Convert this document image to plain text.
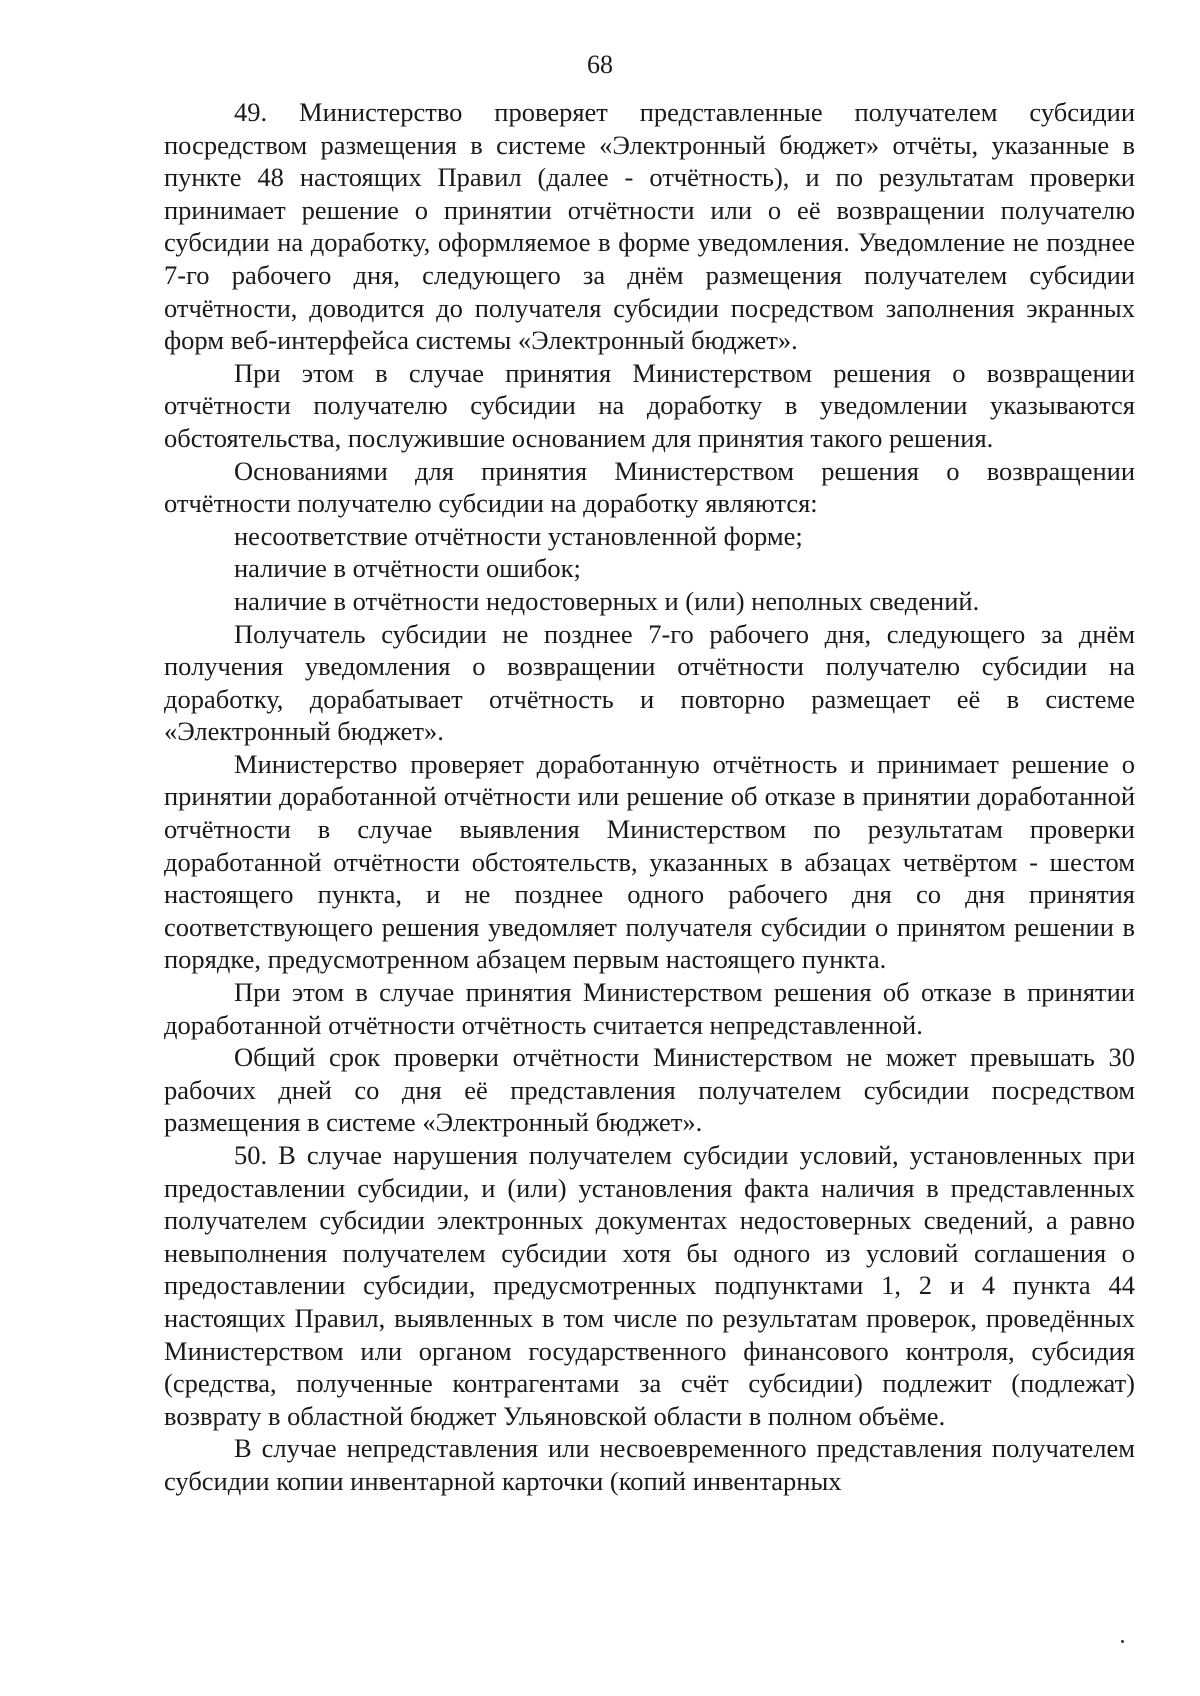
68

49. Министерство проверяет представленные получателем субсидии посредством размещения в системе «Электронный бюджет» отчёты, указанные в пункте 48 настоящих Правил (далее - отчётность), и по результатам проверки принимает решение о принятии отчётности или о её возвращении получателю субсидии на доработку, оформляемое в форме уведомления. Уведомление не позднее 7-го рабочего дня, следующего за днём размещения получателем субсидии отчётности, доводится до получателя субсидии посредством заполнения экранных форм веб-интерфейса системы «Электронный бюджет».

При этом в случае принятия Министерством решения о возвращении отчётности получателю субсидии на доработку в уведомлении указываются обстоятельства, послужившие основанием для принятия такого решения.

Основаниями для принятия Министерством решения о возвращении отчётности получателю субсидии на доработку являются:

несоответствие отчётности установленной форме;

наличие в отчётности ошибок;

наличие в отчётности недостоверных и (или) неполных сведений.

Получатель субсидии не позднее 7-го рабочего дня, следующего за днём получения уведомления о возвращении отчётности получателю субсидии на доработку, дорабатывает отчётность и повторно размещает её в системе «Электронный бюджет».

Министерство проверяет доработанную отчётность и принимает решение о принятии доработанной отчётности или решение об отказе в принятии доработанной отчётности в случае выявления Министерством по результатам проверки доработанной отчётности обстоятельств, указанных в абзацах четвёртом - шестом настоящего пункта, и не позднее одного рабочего дня со дня принятия соответствующего решения уведомляет получателя субсидии о принятом решении в порядке, предусмотренном абзацем первым настоящего пункта.

При этом в случае принятия Министерством решения об отказе в принятии доработанной отчётности отчётность считается непредставленной.

Общий срок проверки отчётности Министерством не может превышать 30 рабочих дней со дня её представления получателем субсидии посредством размещения в системе «Электронный бюджет».

50. В случае нарушения получателем субсидии условий, установленных при предоставлении субсидии, и (или) установления факта наличия в представленных получателем субсидии электронных документах недостоверных сведений, а равно невыполнения получателем субсидии хотя бы одного из условий соглашения о предоставлении субсидии, предусмотренных подпунктами 1, 2 и 4 пункта 44 настоящих Правил, выявленных в том числе по результатам проверок, проведённых Министерством или органом государственного финансового контроля, субсидия (средства, полученные контрагентами за счёт субсидии) подлежит (подлежат) возврату в областной бюджет Ульяновской области в полном объёме.

В случае непредставления или несвоевременного представления получателем субсидии копии инвентарной карточки (копий инвентарных
